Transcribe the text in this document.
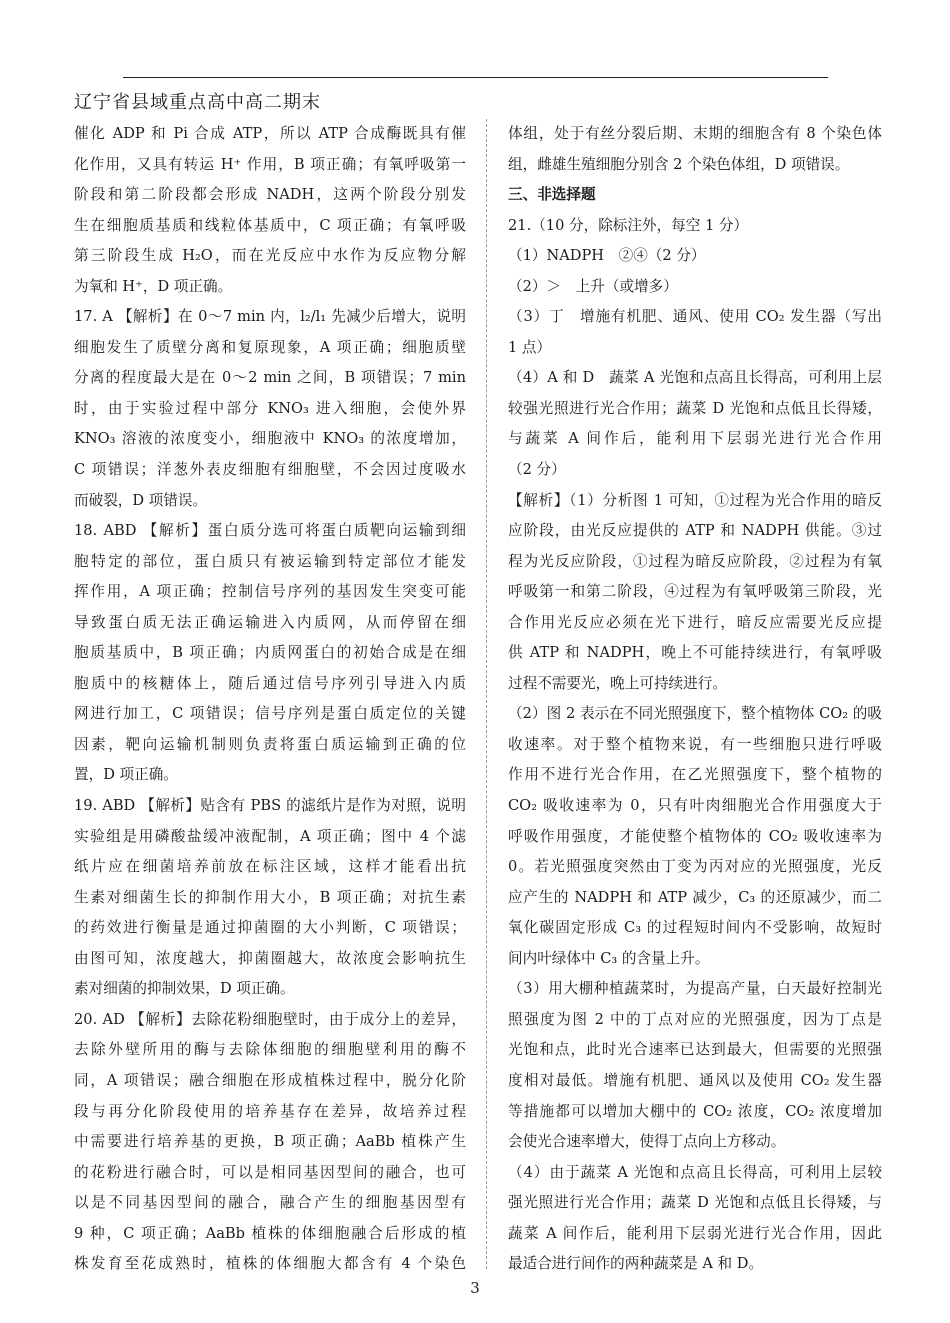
辽宁省县域重点高中高二期末
催化 ADP 和 Pi 合成 ATP，所以 ATP 合成酶既具有催
化作用，又具有转运 H⁺ 作用，B 项正确；有氧呼吸第一
阶段和第二阶段都会形成 NADH，这两个阶段分别发
生在细胞质基质和线粒体基质中，C 项正确；有氧呼吸
第三阶段生成 H₂O，而在光反应中水作为反应物分解
为氧和 H⁺，D 项正确。
17. A 【解析】在 0～7 min 内，l₂/l₁ 先减少后增大，说明
细胞发生了质壁分离和复原现象，A 项正确；细胞质壁
分离的程度最大是在 0～2 min 之间，B 项错误；7 min
时，由于实验过程中部分 KNO₃ 进入细胞，会使外界
KNO₃ 溶液的浓度变小，细胞液中 KNO₃ 的浓度增加，
C 项错误；洋葱外表皮细胞有细胞壁，不会因过度吸水
而破裂，D 项错误。
18. ABD 【解析】蛋白质分选可将蛋白质靶向运输到细
胞特定的部位，蛋白质只有被运输到特定部位才能发
挥作用，A 项正确；控制信号序列的基因发生突变可能
导致蛋白质无法正确运输进入内质网，从而停留在细
胞质基质中，B 项正确；内质网蛋白的初始合成是在细
胞质中的核糖体上，随后通过信号序列引导进入内质
网进行加工，C 项错误；信号序列是蛋白质定位的关键
因素，靶向运输机制则负责将蛋白质运输到正确的位
置，D 项正确。
19. ABD 【解析】贴含有 PBS 的滤纸片是作为对照，说明
实验组是用磷酸盐缓冲液配制，A 项正确；图中 4 个滤
纸片应在细菌培养前放在标注区域，这样才能看出抗
生素对细菌生长的抑制作用大小，B 项正确；对抗生素
的药效进行衡量是通过抑菌圈的大小判断，C 项错误；
由图可知，浓度越大，抑菌圈越大，故浓度会影响抗生
素对细菌的抑制效果，D 项正确。
20. AD 【解析】去除花粉细胞壁时，由于成分上的差异，
去除外壁所用的酶与去除体细胞的细胞壁利用的酶不
同，A 项错误；融合细胞在形成植株过程中，脱分化阶
段与再分化阶段使用的培养基存在差异，故培养过程
中需要进行培养基的更换，B 项正确；AaBb 植株产生
的花粉进行融合时，可以是相同基因型间的融合，也可
以是不同基因型间的融合，融合产生的细胞基因型有
9 种，C 项正确；AaBb 植株的体细胞融合后形成的植
株发育至花成熟时，植株的体细胞大都含有 4 个染色
体组，处于有丝分裂后期、末期的细胞含有 8 个染色体
组，雌雄生殖细胞分别含 2 个染色体组，D 项错误。
三、非选择题
21.（10 分，除标注外，每空 1 分）
（1）NADPH　②④（2 分）
（2）＞　上升（或增多）
（3）丁　增施有机肥、通风、使用 CO₂ 发生器（写出
1 点）
（4）A 和 D　蔬菜 A 光饱和点高且长得高，可利用上层
较强光照进行光合作用；蔬菜 D 光饱和点低且长得矮，
与蔬菜 A 间作后，能利用下层弱光进行光合作用
（2 分）
【解析】（1）分析图 1 可知，①过程为光合作用的暗反
应阶段，由光反应提供的 ATP 和 NADPH 供能。③过
程为光反应阶段，①过程为暗反应阶段，②过程为有氧
呼吸第一和第二阶段，④过程为有氧呼吸第三阶段，光
合作用光反应必须在光下进行，暗反应需要光反应提
供 ATP 和 NADPH，晚上不可能持续进行，有氧呼吸
过程不需要光，晚上可持续进行。
（2）图 2 表示在不同光照强度下，整个植物体 CO₂ 的吸
收速率。对于整个植物来说，有一些细胞只进行呼吸
作用不进行光合作用，在乙光照强度下，整个植物的
CO₂ 吸收速率为 0，只有叶肉细胞光合作用强度大于
呼吸作用强度，才能使整个植物体的 CO₂ 吸收速率为
0。若光照强度突然由丁变为丙对应的光照强度，光反
应产生的 NADPH 和 ATP 减少，C₃ 的还原减少，而二
氧化碳固定形成 C₃ 的过程短时间内不受影响，故短时
间内叶绿体中 C₃ 的含量上升。
（3）用大棚种植蔬菜时，为提高产量，白天最好控制光
照强度为图 2 中的丁点对应的光照强度，因为丁点是
光饱和点，此时光合速率已达到最大，但需要的光照强
度相对最低。增施有机肥、通风以及使用 CO₂ 发生器
等措施都可以增加大棚中的 CO₂ 浓度，CO₂ 浓度增加
会使光合速率增大，使得丁点向上方移动。
（4）由于蔬菜 A 光饱和点高且长得高，可利用上层较
强光照进行光合作用；蔬菜 D 光饱和点低且长得矮，与
蔬菜 A 间作后，能利用下层弱光进行光合作用，因此
最适合进行间作的两种蔬菜是 A 和 D。
3
